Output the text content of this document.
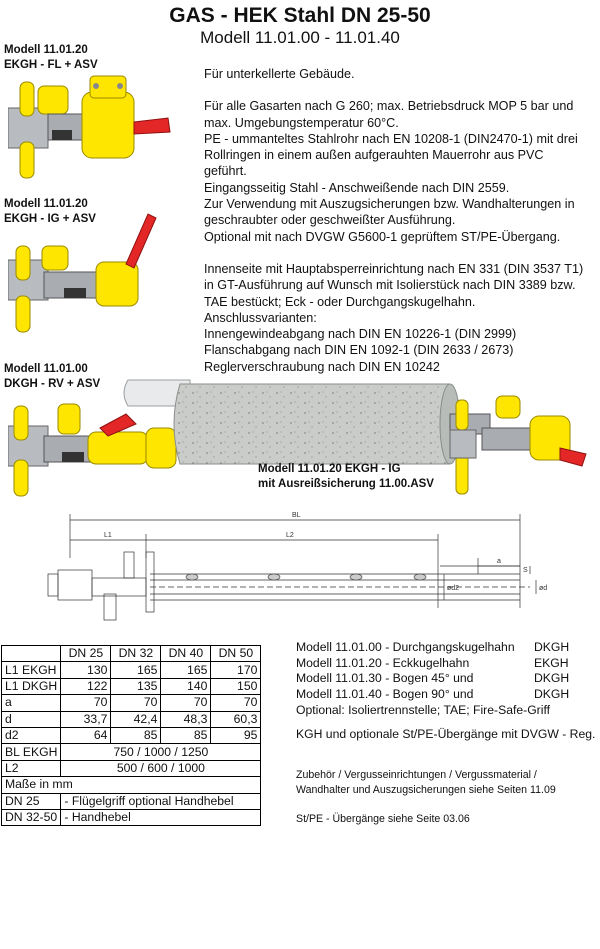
GAS - HEK Stahl DN 25-50
Modell 11.01.00 - 11.01.40
Modell 11.01.20
EKGH - FL + ASV
Modell 11.01.20
EKGH - IG + ASV
Modell 11.01.00
DKGH - RV + ASV

Für unterkellerte Gebäude.

Für alle Gasarten nach G 260; max. Betriebsdruck MOP 5 bar und

max. Umgebungstemperatur 60°C.

PE - ummanteltes Stahlrohr nach EN 10208-1 (DIN2470-1) mit drei

Rollringen in einem außen aufgerauhten Mauerrohr aus PVC

geführt.

Eingangsseitig Stahl - Anschweißende nach DIN 2559.

Zur Verwendung mit Auszugsicherungen bzw. Wandhalterungen in

geschraubter oder geschweißter Ausführung.

Optional mit nach DVGW G5600-1 geprüftem ST/PE-Übergang.

Innenseite mit Hauptabsperreinrichtung nach EN 331 (DIN 3537 T1)

in GT-Ausführung auf Wunsch mit Isolierstück nach DIN 3389 bzw.

TAE bestückt; Eck - oder Durchgangskugelhahn.

Anschlussvarianten:

Innengewindeabgang nach DIN EN 10226-1 (DIN 2999)

Flanschabgang nach DIN EN 1092-1 (DIN 2633 / 2673)

Reglerverschraubung nach DIN EN 10242

Modell 11.01.20 EKGH - IG
mit Ausreißsicherung 11.00.ASV
BL
L1	L2
a
S
ød2	ød
	DN 25	DN 32	DN 40	DN 50
L1 EKGH	130	165	165	170
L1 DKGH	122	135	140	150
a	70	70	70	70
d	33,7	42,4	48,3	60,3
d2	64	85	85	95
BL EKGH	750 / 1000 / 1250			
L2	500 / 600 / 1000			
Maße in mm				
DN 25	- Flügelgriff optional Handhebel			
DN 32-50	- Handhebel			
Modell 11.01.00 - Durchgangskugelhahn DKGH
Modell 11.01.20 - Eckkugelhahn	EKGH
Modell 11.01.30 - Bogen 45° und	DKGH
Modell 11.01.40 - Bogen 90° und	DKGH
Optional: Isoliertrennstelle; TAE; Fire-Safe-Griff
KGH und optionale St/PE-Übergänge mit DVGW - Reg.
Zubehör / Vergusseinrichtungen / Vergussmaterial /
Wandhalter und Auszugsicherungen siehe Seiten 11.09
St/PE - Übergänge siehe Seite 03.06
